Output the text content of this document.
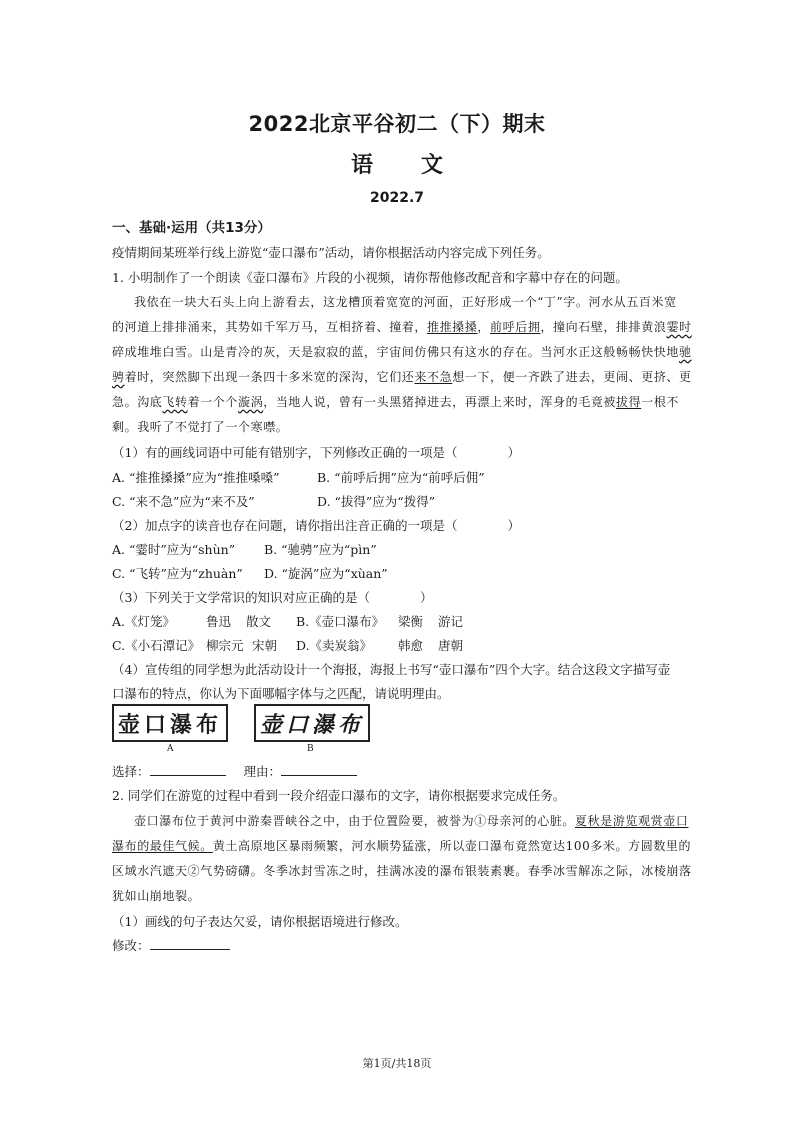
2022北京平谷初二（下）期末
语 文
2022.7
一、基础·运用（共13分）
疫情期间某班举行线上游览“壶口瀑布”活动，请你根据活动内容完成下列任务。
1. 小明制作了一个朗读《壶口瀑布》片段的小视频，请你帮他修改配音和字幕中存在的问题。
我依在一块大石头上向上游看去，这龙槽顶着宽宽的河面，正好形成一个“丁”字。河水从五百米宽
的河道上排排涌来，其势如千军万马，互相挤着、撞着，推推搡搡，前呼后拥，撞向石壁，排排黄浪霎时
碎成堆堆白雪。山是青冷的灰，天是寂寂的蓝，宇宙间仿佛只有这水的存在。当河水正这般畅畅快快地驰
骋着时，突然脚下出现一条四十多米宽的深沟，它们还来不急想一下，便一齐跌了进去，更闹、更挤、更
急。沟底飞转着一个个漩涡，当地人说，曾有一头黑猪掉进去，再漂上来时，浑身的毛竟被拔得一根不
剩。我听了不觉打了一个寒噤。
（1）有的画线词语中可能有错别字，下列修改正确的一项是（　　　　）
A. “推推搡搡”应为“推推嗓嗓”	B. “前呼后拥”应为“前呼后佣”
C. “来不急”应为“来不及”	D. “拔得”应为“拨得”
（2）加点字的读音也存在问题，请你指出注音正确的一项是（　　　　）
A. “霎时”应为“shùn” B. “驰骋”应为“pìn”
C. “飞转”应为“zhuàn” D. “旋涡”应为“xùan”
（3）下列关于文学常识的知识对应正确的是（　　　　）
A.《灯笼》 鲁迅 散文 B.《壶口瀑布》 梁衡 游记
C.《小石潭记》 柳宗元 宋朝 D.《卖炭翁》 韩愈 唐朝
（4）宣传组的同学想为此活动设计一个海报，海报上书写“壶口瀑布”四个大字。结合这段文字描写壶
口瀑布的特点，你认为下面哪幅字体与之匹配，请说明理由。
壶口瀑布 壶口瀑布
A	B
选择：	理由：
2. 同学们在游览的过程中看到一段介绍壶口瀑布的文字，请你根据要求完成任务。
壶口瀑布位于黄河中游秦晋峡谷之中，由于位置险要，被誉为①母亲河的心脏。夏秋是游览观赏壶口
瀑布的最佳气候。黄土高原地区暴雨频繁，河水顺势猛涨，所以壶口瀑布竟然宽达100多米。方圆数里的
区域水汽遮天②气势磅礴。冬季冰封雪冻之时，挂满冰凌的瀑布银装素裹。春季冰雪解冻之际，冰棱崩落
犹如山崩地裂。
（1）画线的句子表达欠妥，请你根据语境进行修改。
修改：
第1页/共18页
